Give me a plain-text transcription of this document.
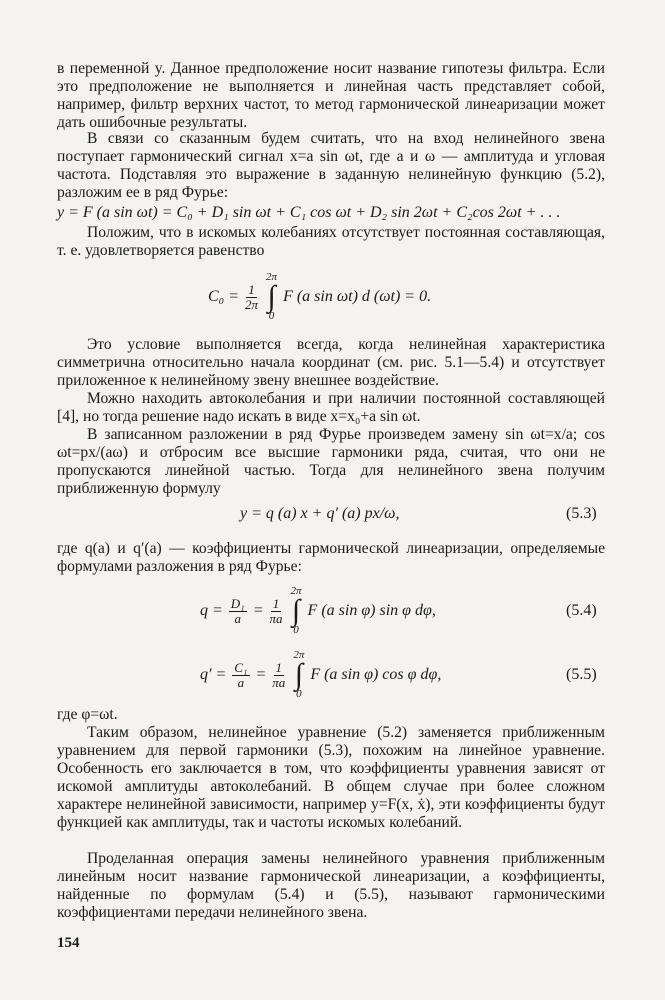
в переменной y. Данное предположение носит название гипотезы фильтра. Если это предположение не выполняется и линейная часть представляет собой, например, фильтр верхних частот, то метод гармонической линеаризации может дать ошибочные результаты.

В связи со сказанным будем считать, что на вход нелинейного звена поступает гармонический сигнал x=a sin ωt, где a и ω — амплитуда и угловая частота. Подставляя это выражение в заданную нелинейную функцию (5.2), разложим ее в ряд Фурье:

y = F (a sin ωt) = C₀ + D₁ sin ωt + C₁ cos ωt + D₂ sin 2ωt + C₂cos 2ωt + . . .

Положим, что в искомых колебаниях отсутствует постоянная составляющая, т. е. удовлетворяется равенство

$C_0 = \frac{1}{2\pi}$
2π
∫
0
F (a sin ωt) d (ωt) = 0.

Это условие выполняется всегда, когда нелинейная характеристика симметрична относительно начала координат (см. рис. 5.1—5.4) и отсутствует приложенное к нелинейному звену внешнее воздействие.

Можно находить автоколебания и при наличии постоянной составляющей [4], но тогда решение надо искать в виде x=x₀+a sin ωt.

В записанном разложении в ряд Фурье произведем замену sin ωt=x/a; cos ωt=px/(aω) и отбросим все высшие гармоники ряда, считая, что они не пропускаются линейной частью. Тогда для нелинейного звена получим приближенную формулу

y = q (a) x + q′ (a) px/ω,	(5.3)

где q(a) и q′(a) — коэффициенты гармонической линеаризации, определяемые формулами разложения в ряд Фурье:

$q = \frac{\text{D₁}}{a} = \frac{1}{\pi a}$
2π
∫
0
F (a sin φ) sin φ dφ,	(5.4)
$q' = \frac{\text{C₁}}{a} = \frac{1}{\pi a}$
2π
∫
0
F (a sin φ) cos φ dφ,	(5.5)

где φ=ωt.

Таким образом, нелинейное уравнение (5.2) заменяется приближенным уравнением для первой гармоники (5.3), похожим на линейное уравнение. Особенность его заключается в том, что коэффициенты уравнения зависят от искомой амплитуды автоколебаний. В общем случае при более сложном характере нелинейной зависимости, например y=F(x, ẋ), эти коэффициенты будут функцией как амплитуды, так и частоты искомых колебаний.

Проделанная операция замены нелинейного уравнения приближенным линейным носит название гармонической линеаризации, а коэффициенты, найденные по формулам (5.4) и (5.5), называют гармоническими коэффициентами передачи нелинейного звена.

154
